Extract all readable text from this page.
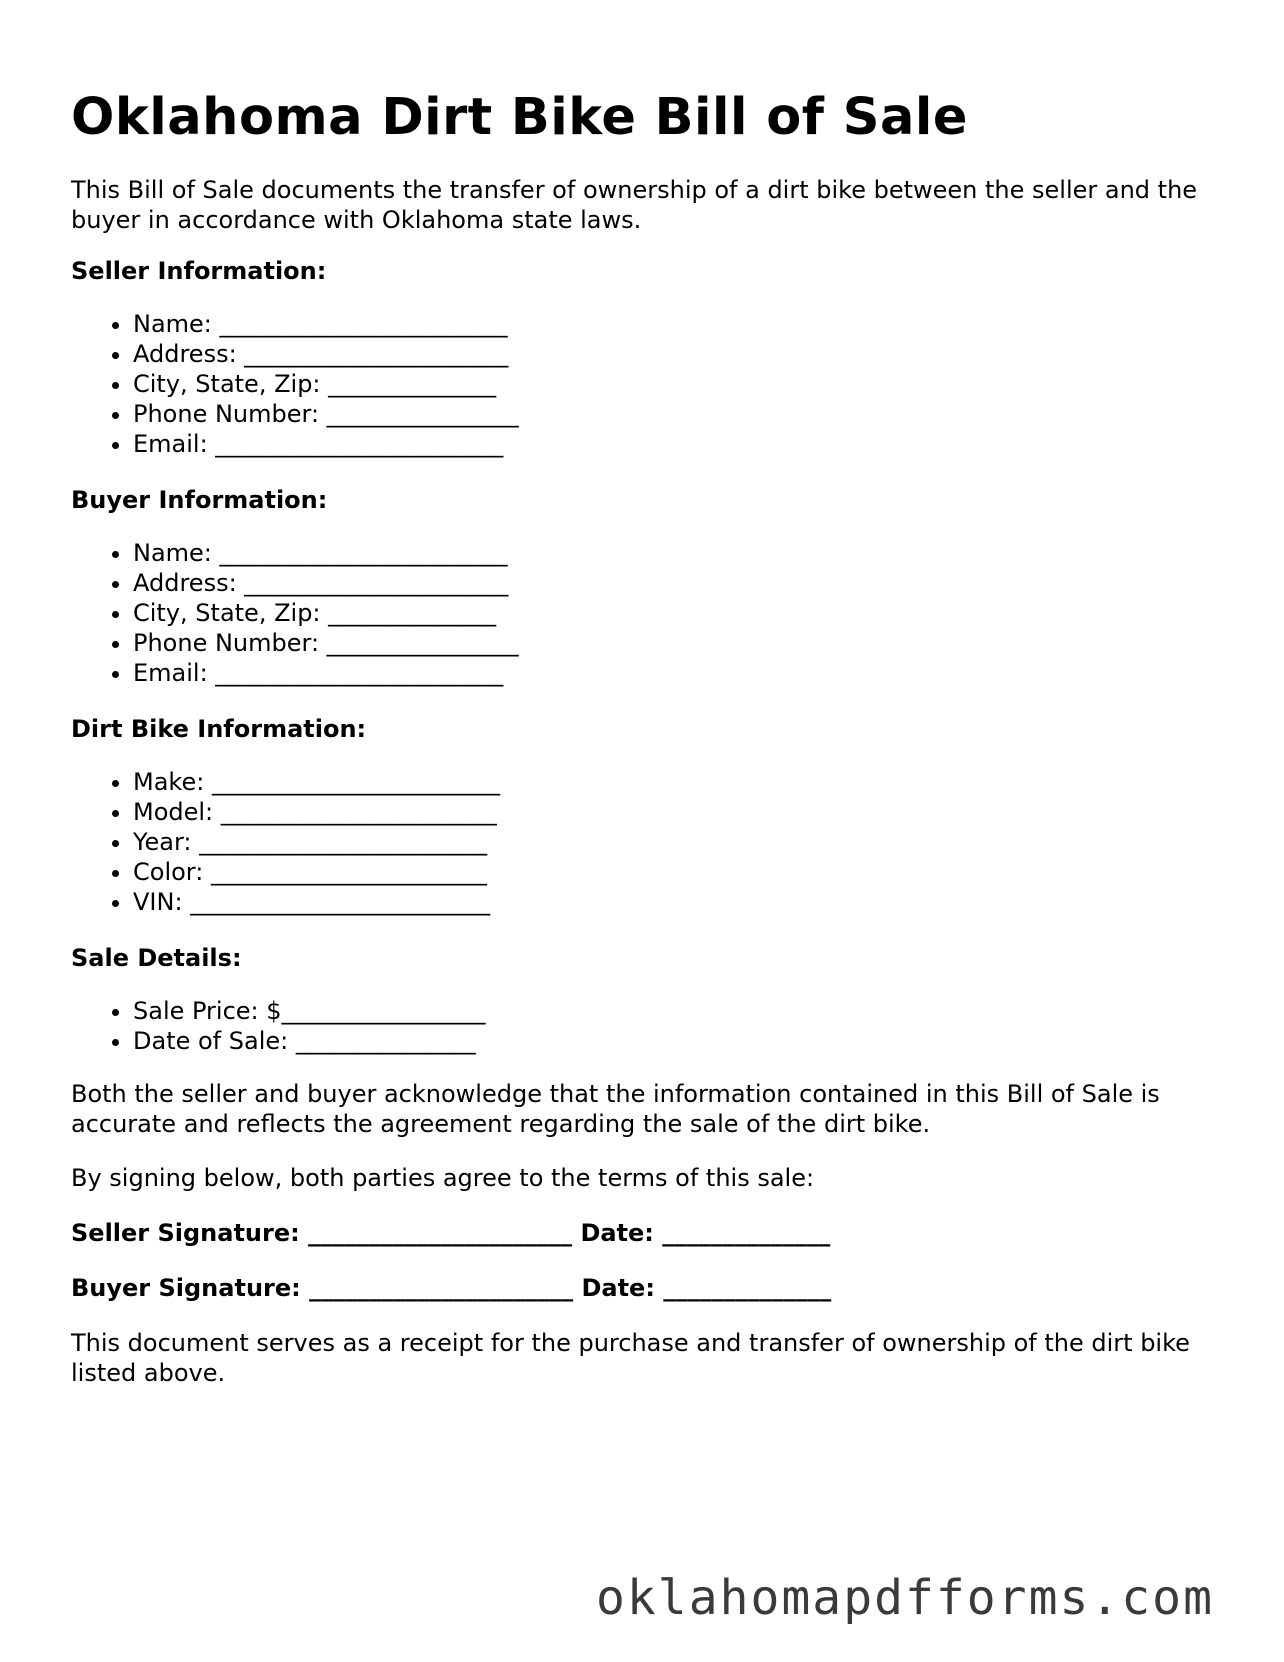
Oklahoma Dirt Bike Bill of Sale

This Bill of Sale documents the transfer of ownership of a dirt bike between the seller and the buyer in accordance with Oklahoma state laws.

Seller Information:

• Name: ________________________
• Address: ______________________
• City, State, Zip: ______________
• Phone Number: ________________
• Email: ________________________

Buyer Information:

• Name: ________________________
• Address: ______________________
• City, State, Zip: ______________
• Phone Number: ________________
• Email: ________________________

Dirt Bike Information:

• Make: ________________________
• Model: _______________________
• Year: ________________________
• Color: _______________________
• VIN: _________________________

Sale Details:

• Sale Price: $_________________
• Date of Sale: _______________

Both the seller and buyer acknowledge that the information contained in this Bill of Sale is accurate and reflects the agreement regarding the sale of the dirt bike.

By signing below, both parties agree to the terms of this sale:

Seller Signature: ______________________ Date: ______________
Buyer Signature: ______________________ Date: ______________

This document serves as a receipt for the purchase and transfer of ownership of the dirt bike listed above.

oklahomapdfforms.com
